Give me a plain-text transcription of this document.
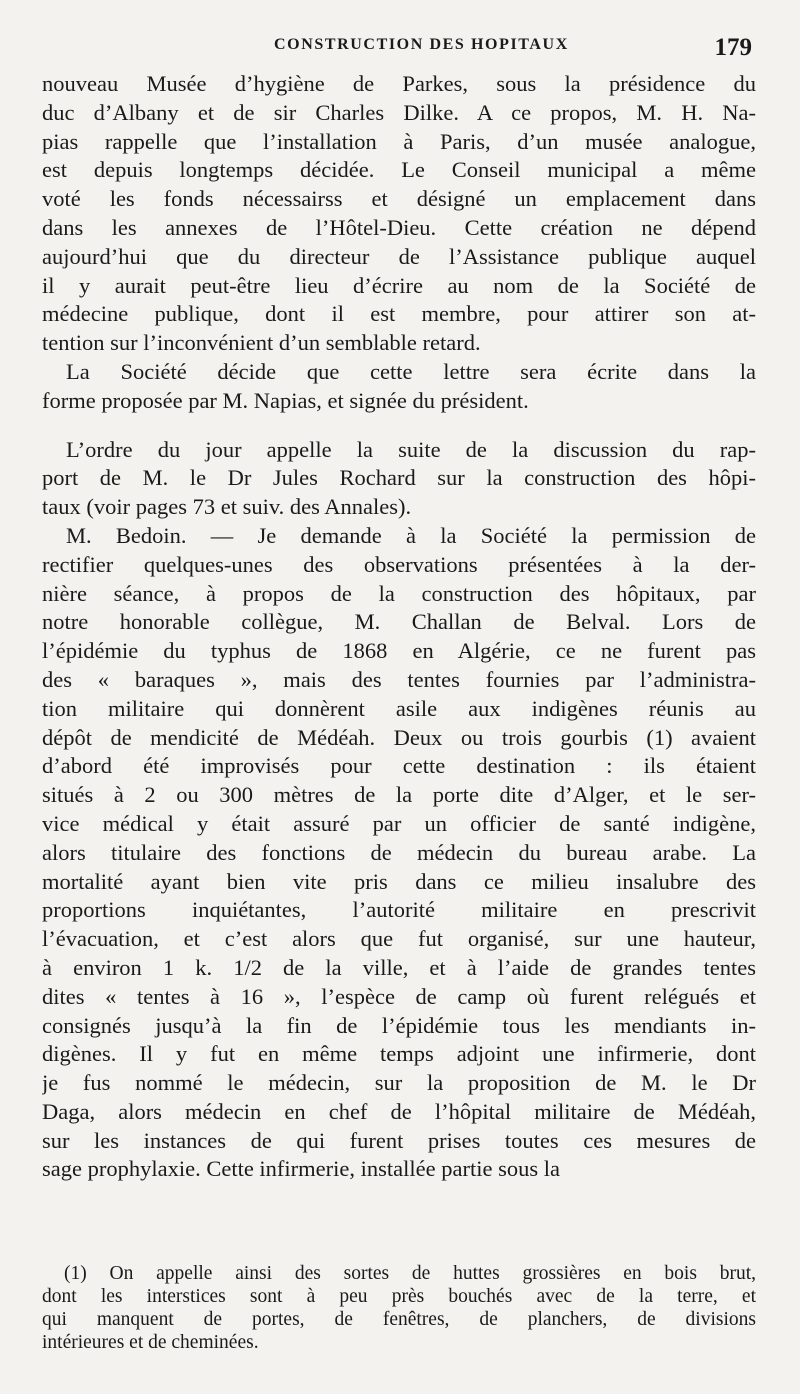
CONSTRUCTION DES HOPITAUX	179
nouveau Musée d’hygiène de Parkes, sous la présidence du
duc d’Albany et de sir Charles Dilke. A ce propos, M. H. Na-
pias rappelle que l’installation à Paris, d’un musée analogue,
est depuis longtemps décidée. Le Conseil municipal a même
voté les fonds nécessairss et désigné un emplacement dans
dans les annexes de l’Hôtel-Dieu. Cette création ne dépend
aujourd’hui que du directeur de l’Assistance publique auquel
il y aurait peut-être lieu d’écrire au nom de la Société de
médecine publique, dont il est membre, pour attirer son at-
tention sur l’inconvénient d’un semblable retard.
La Société décide que cette lettre sera écrite dans la
forme proposée par M. Napias, et signée du président.
L’ordre du jour appelle la suite de la discussion du rap-
port de M. le Dr Jules Rochard sur la construction des hôpi-
taux (voir pages 73 et suiv. des Annales).
M. Bedoin. — Je demande à la Société la permission de
rectifier quelques-unes des observations présentées à la der-
nière séance, à propos de la construction des hôpitaux, par
notre honorable collègue, M. Challan de Belval. Lors de
l’épidémie du typhus de 1868 en Algérie, ce ne furent pas
des « baraques », mais des tentes fournies par l’administra-
tion militaire qui donnèrent asile aux indigènes réunis au
dépôt de mendicité de Médéah. Deux ou trois gourbis (1) avaient
d’abord été improvisés pour cette destination : ils étaient
situés à 2 ou 300 mètres de la porte dite d’Alger, et le ser-
vice médical y était assuré par un officier de santé indigène,
alors titulaire des fonctions de médecin du bureau arabe. La
mortalité ayant bien vite pris dans ce milieu insalubre des
proportions inquiétantes, l’autorité militaire en prescrivit
l’évacuation, et c’est alors que fut organisé, sur une hauteur,
à environ 1 k. 1/2 de la ville, et à l’aide de grandes tentes
dites « tentes à 16 », l’espèce de camp où furent relégués et
consignés jusqu’à la fin de l’épidémie tous les mendiants in-
digènes. Il y fut en même temps adjoint une infirmerie, dont
je fus nommé le médecin, sur la proposition de M. le Dr
Daga, alors médecin en chef de l’hôpital militaire de Médéah,
sur les instances de qui furent prises toutes ces mesures de
sage prophylaxie. Cette infirmerie, installée partie sous la
(1) On appelle ainsi des sortes de huttes grossières en bois brut,
dont les interstices sont à peu près bouchés avec de la terre, et
qui manquent de portes, de fenêtres, de planchers, de divisions
intérieures et de cheminées.
